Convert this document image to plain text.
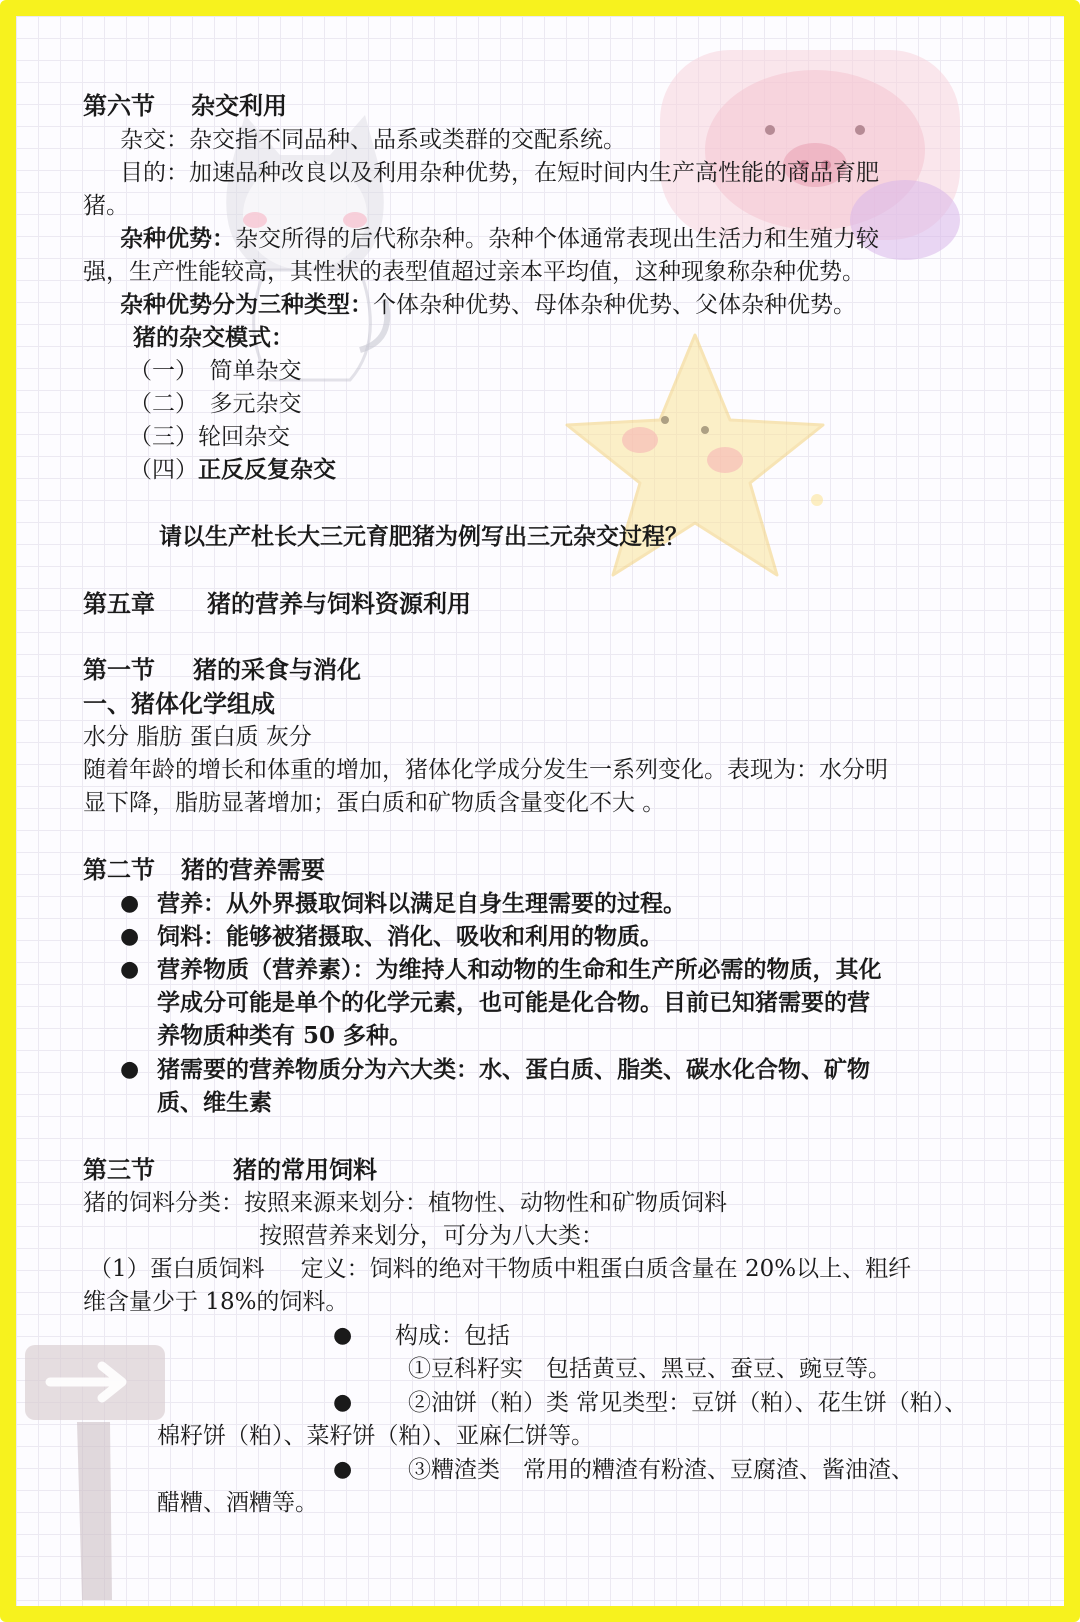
第六节 杂交利用
杂交：杂交指不同品种、品系或类群的交配系统。
目的：加速品种改良以及利用杂种优势，在短时间内生产高性能的商品育肥
猪。
杂种优势：杂交所得的后代称杂种。杂种个体通常表现出生活力和生殖力较
强，生产性能较高，其性状的表型值超过亲本平均值，这种现象称杂种优势。
杂种优势分为三种类型：个体杂种优势、母体杂种优势、父体杂种优势。
猪的杂交模式：
（一）　简单杂交
（二）　多元杂交
（三）轮回杂交
（四）正反反复杂交
请以生产杜长大三元育肥猪为例写出三元杂交过程？
第五章 猪的营养与饲料资源利用
第一节 猪的采食与消化
一、猪体化学组成
水分 脂肪 蛋白质 灰分
随着年龄的增长和体重的增加，猪体化学成分发生一系列变化。表现为：水分明
显下降，脂肪显著增加；蛋白质和矿物质含量变化不大 。
第二节 猪的营养需要
● 营养：从外界摄取饲料以满足自身生理需要的过程。
● 饲料：能够被猪摄取、消化、吸收和利用的物质。
● 营养物质（营养素）：为维持人和动物的生命和生产所必需的物质，其化
学成分可能是单个的化学元素，也可能是化合物。目前已知猪需要的营
养物质种类有 50 多种。
● 猪需要的营养物质分为六大类：水、蛋白质、脂类、碳水化合物、矿物
质、维生素
第三节	猪的常用饲料
猪的饲料分类：按照来源来划分：植物性、动物性和矿物质饲料
按照营养来划分，可分为八大类：
（1）蛋白质饲料 定义：饲料的绝对干物质中粗蛋白质含量在 20%以上、粗纤
维含量少于 18%的饲料。
● 构成：包括
①豆科籽实　包括黄豆、黑豆、蚕豆、豌豆等。
● ②油饼（粕）类 常见类型：豆饼（粕）、花生饼（粕）、
棉籽饼（粕）、菜籽饼（粕）、亚麻仁饼等。
● ③糟渣类　常用的糟渣有粉渣、豆腐渣、酱油渣、
醋糟、酒糟等。
